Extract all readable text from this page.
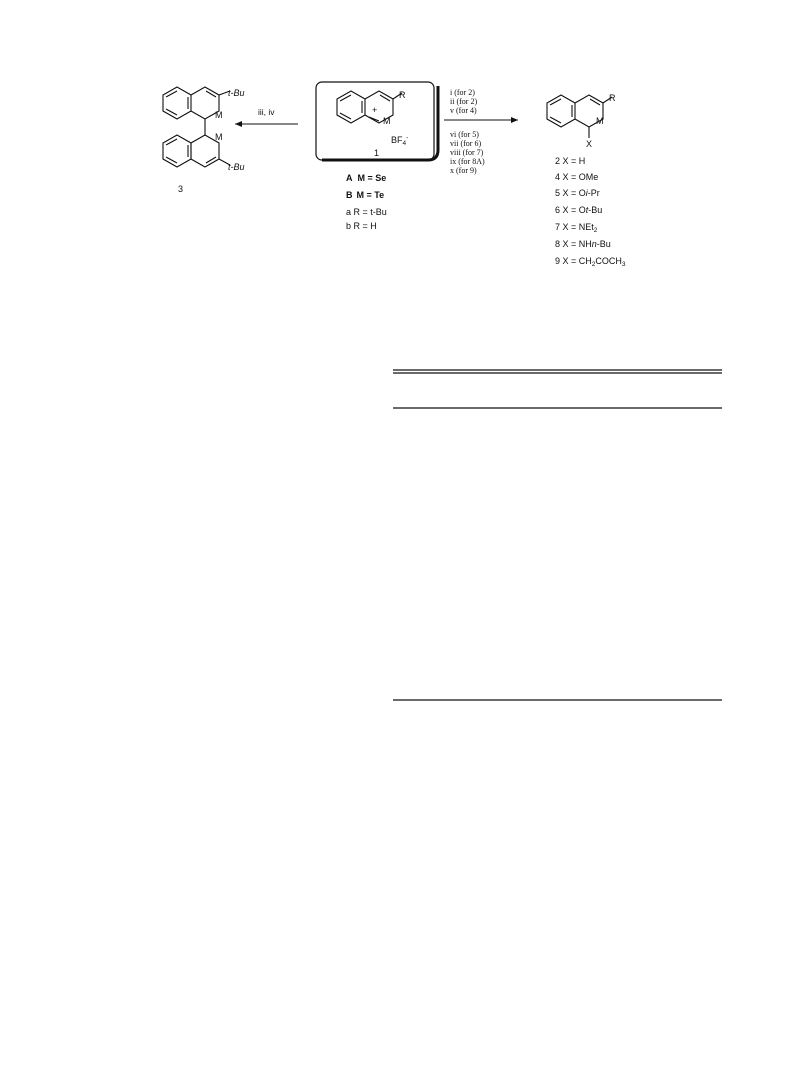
t-Bu
M
M
t-Bu
3
iii, iv	+
R
M
$BF_4^-$
1
A M = Se
B M = Te
a R = t-Bu
b R = H
i (for 2)
ii (for 2)
v (for 4)
vi (for 5)
vii (for 6)
viii (for 7)
ix (for 8A)
x (for 9)
R
M
X
2 X = H
4 X = OMe
5 X = Oi-Pr
6 X = Ot-Bu
7 X = NEt$_2$
8 X = NHn-Bu
9 $X = CH_2COCH_3$
